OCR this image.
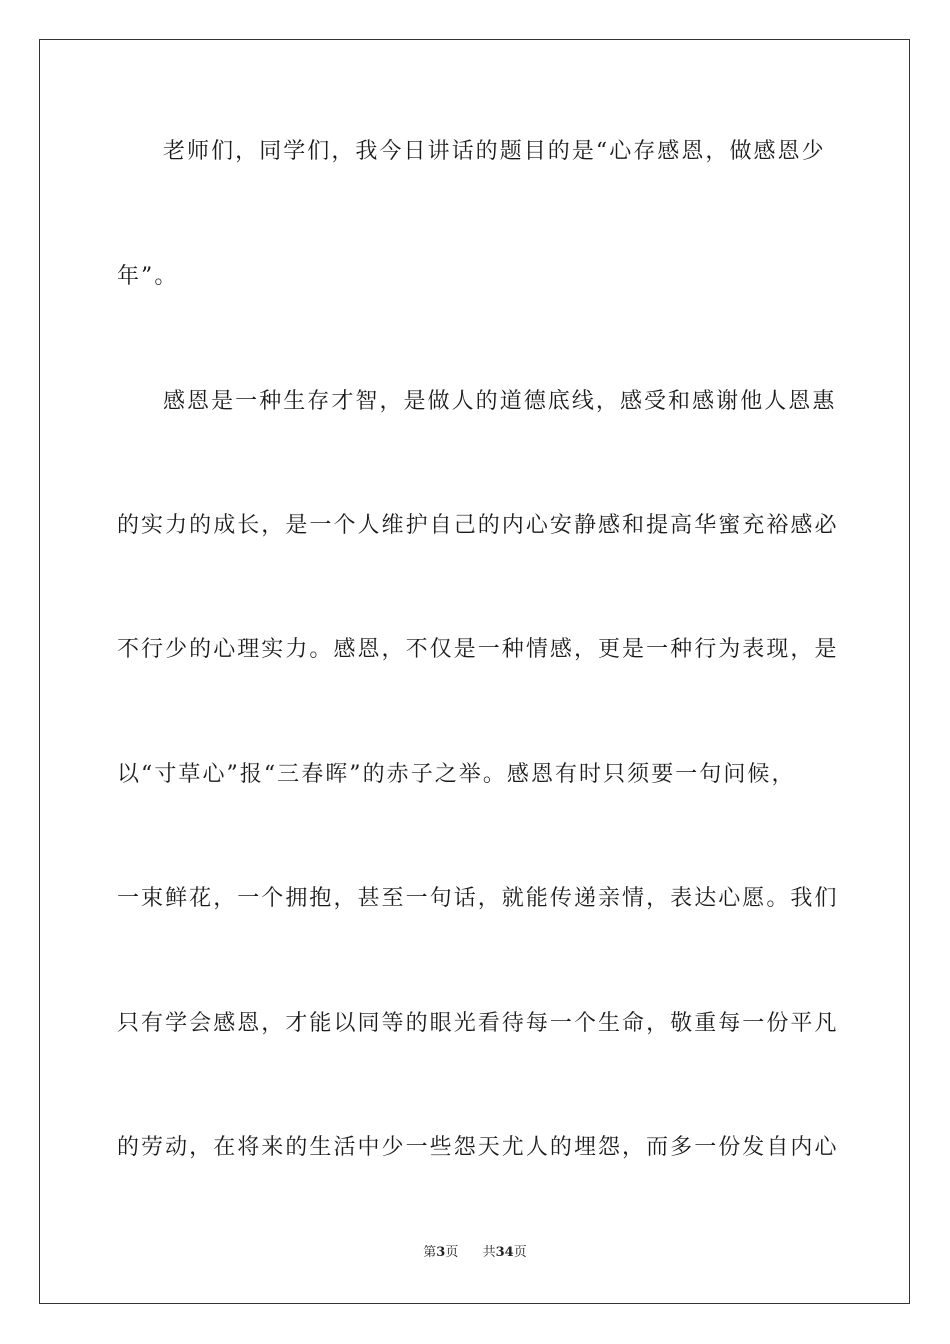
老师们，同学们，我今日讲话的题目的是“心存感恩，做感恩少

年”。

感恩是一种生存才智，是做人的道德底线，感受和感谢他人恩惠

的实力的成长，是一个人维护自己的内心安静感和提高华蜜充裕感必

不行少的心理实力。感恩，不仅是一种情感，更是一种行为表现，是

以“寸草心”报“三春晖”的赤子之举。感恩有时只须要一句问候，

一束鲜花，一个拥抱，甚至一句话，就能传递亲情，表达心愿。我们

只有学会感恩，才能以同等的眼光看待每一个生命，敬重每一份平凡

的劳动，在将来的生活中少一些怨天尤人的埋怨，而多一份发自内心

第3页 共34页
